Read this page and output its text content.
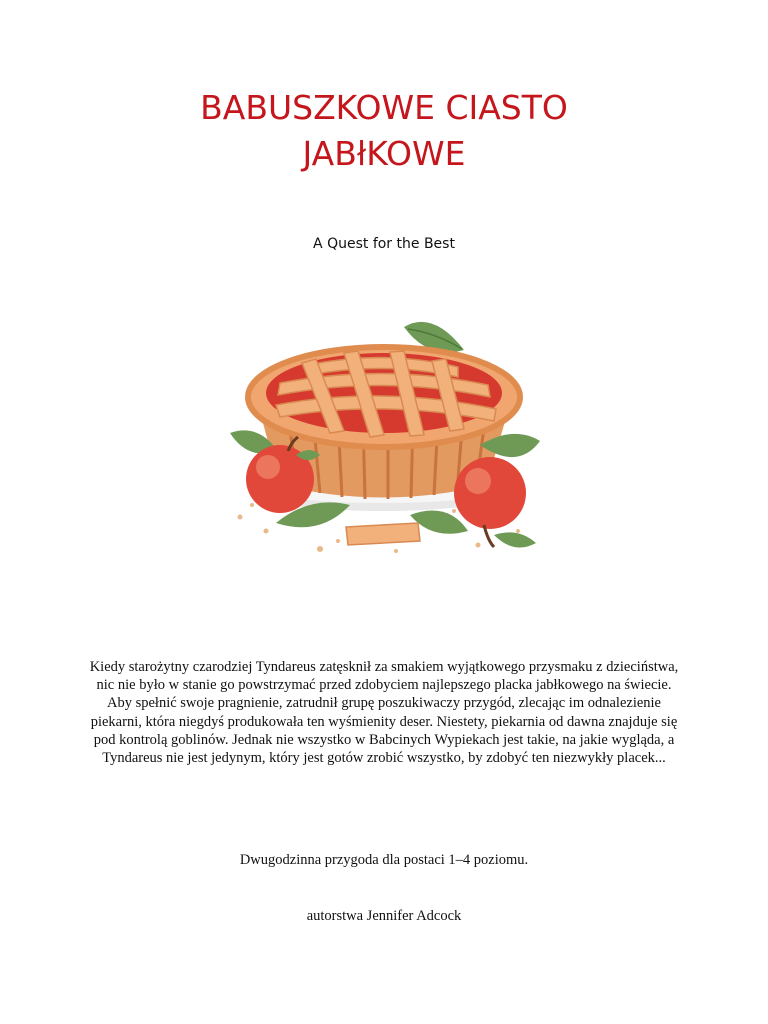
BABUSZKOWE CIASTO
JABłKOWE

A Quest for the Best

Kiedy starożytny czarodziej Tyndareus zatęsknił za smakiem wyjątkowego przysmaku z dzieciństwa, nic nie było w stanie go powstrzymać przed zdobyciem najlepszego placka jabłkowego na świecie. Aby spełnić swoje pragnienie, zatrudnił grupę poszukiwaczy przygód, zlecając im odnalezienie piekarni, która niegdyś produkowała ten wyśmienity deser. Niestety, piekarnia od dawna znajduje się pod kontrolą goblinów. Jednak nie wszystko w Babcinych Wypiekach jest takie, na jakie wygląda, a Tyndareus nie jest jedynym, który jest gotów zrobić wszystko, by zdobyć ten niezwykły placek...

Dwugodzinna przygoda dla postaci 1–4 poziomu.

autorstwa Jennifer Adcock
